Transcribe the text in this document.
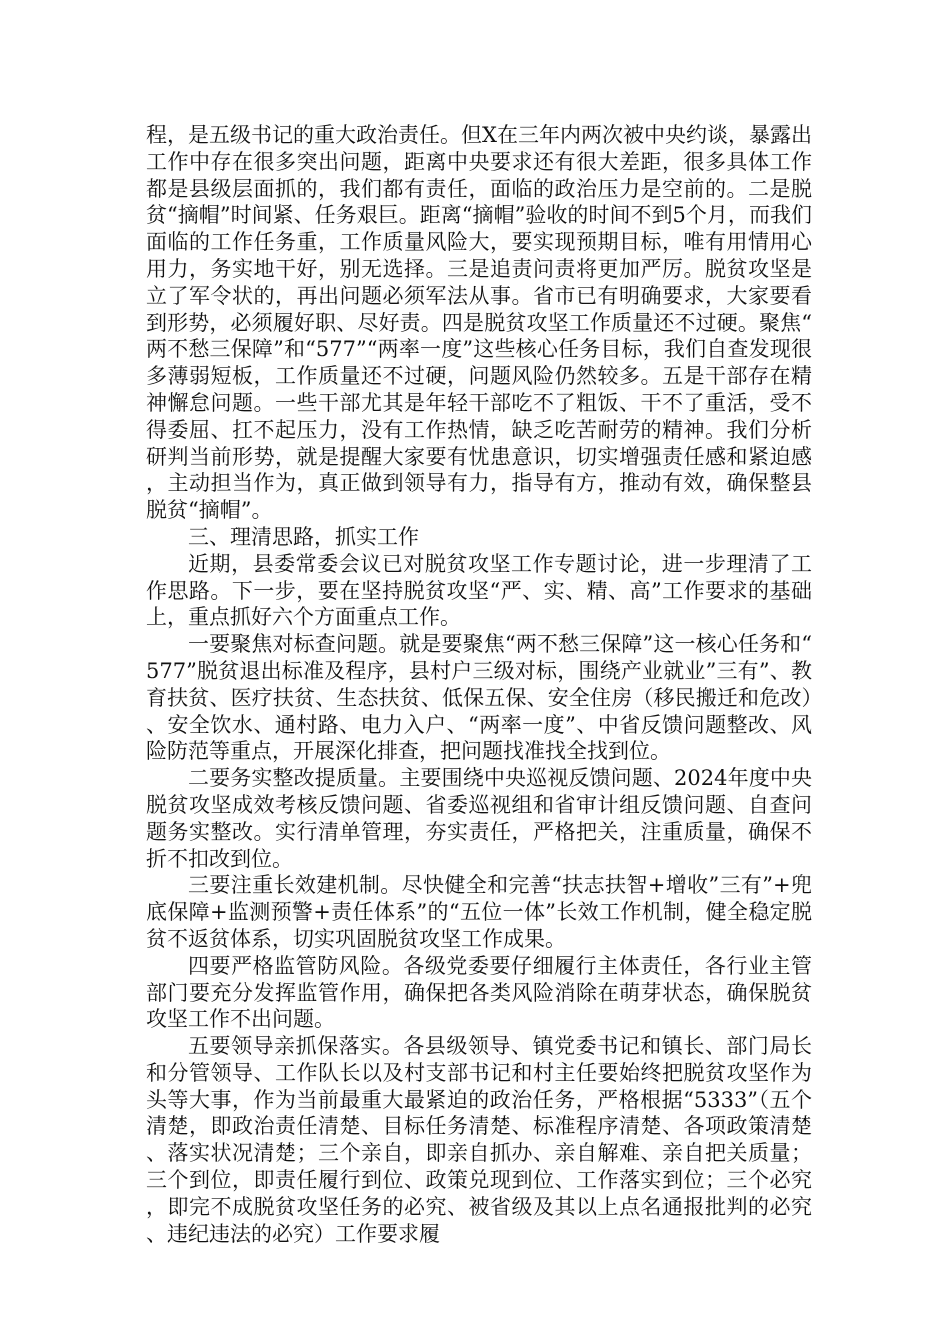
程，是五级书记的重大政治责任。但X在三年内两次被中央约谈，暴露出工作中存在很多突出问题，距离中央要求还有很大差距，很多具体工作都是县级层面抓的，我们都有责任，面临的政治压力是空前的。二是脱贫“摘帽”时间紧、任务艰巨。距离“摘帽”验收的时间不到5个月，而我们面临的工作任务重，工作质量风险大，要实现预期目标，唯有用情用心用力，务实地干好，别无选择。三是追责问责将更加严厉。脱贫攻坚是立了军令状的，再出问题必须军法从事。省市已有明确要求，大家要看到形势，必须履好职、尽好责。四是脱贫攻坚工作质量还不过硬。聚焦“两不愁三保障”和“577”“两率一度”这些核心任务目标，我们自查发现很多薄弱短板，工作质量还不过硬，问题风险仍然较多。五是干部存在精神懈怠问题。一些干部尤其是年轻干部吃不了粗饭、干不了重活，受不得委屈、扛不起压力，没有工作热情，缺乏吃苦耐劳的精神。我们分析研判当前形势，就是提醒大家要有忧患意识，切实增强责任感和紧迫感，主动担当作为，真正做到领导有力，指导有方，推动有效，确保整县脱贫“摘帽”。

三、理清思路，抓实工作

近期，县委常委会议已对脱贫攻坚工作专题讨论，进一步理清了工作思路。下一步，要在坚持脱贫攻坚“严、实、精、高”工作要求的基础上，重点抓好六个方面重点工作。

一要聚焦对标查问题。就是要聚焦“两不愁三保障”这一核心任务和“577”脱贫退出标准及程序，县村户三级对标，围绕产业就业”三有”、教育扶贫、医疗扶贫、生态扶贫、低保五保、安全住房（移民搬迁和危改）、安全饮水、通村路、电力入户、“两率一度”、中省反馈问题整改、风险防范等重点，开展深化排查，把问题找准找全找到位。

二要务实整改提质量。主要围绕中央巡视反馈问题、2024年度中央脱贫攻坚成效考核反馈问题、省委巡视组和省审计组反馈问题、自查问题务实整改。实行清单管理，夯实责任，严格把关，注重质量，确保不折不扣改到位。

三要注重长效建机制。尽快健全和完善“扶志扶智+增收”三有”+兜底保障+监测预警+责任体系”的“五位一体”长效工作机制，健全稳定脱贫不返贫体系，切实巩固脱贫攻坚工作成果。

四要严格监管防风险。各级党委要仔细履行主体责任，各行业主管部门要充分发挥监管作用，确保把各类风险消除在萌芽状态，确保脱贫攻坚工作不出问题。

五要领导亲抓保落实。各县级领导、镇党委书记和镇长、部门局长和分管领导、工作队长以及村支部书记和村主任要始终把脱贫攻坚作为头等大事，作为当前最重大最紧迫的政治任务，严格根据“5333”（五个清楚，即政治责任清楚、目标任务清楚、标准程序清楚、各项政策清楚、落实状况清楚；三个亲自，即亲自抓办、亲自解难、亲自把关质量；三个到位，即责任履行到位、政策兑现到位、工作落实到位；三个必究，即完不成脱贫攻坚任务的必究、被省级及其以上点名通报批判的必究、违纪违法的必究）工作要求履
